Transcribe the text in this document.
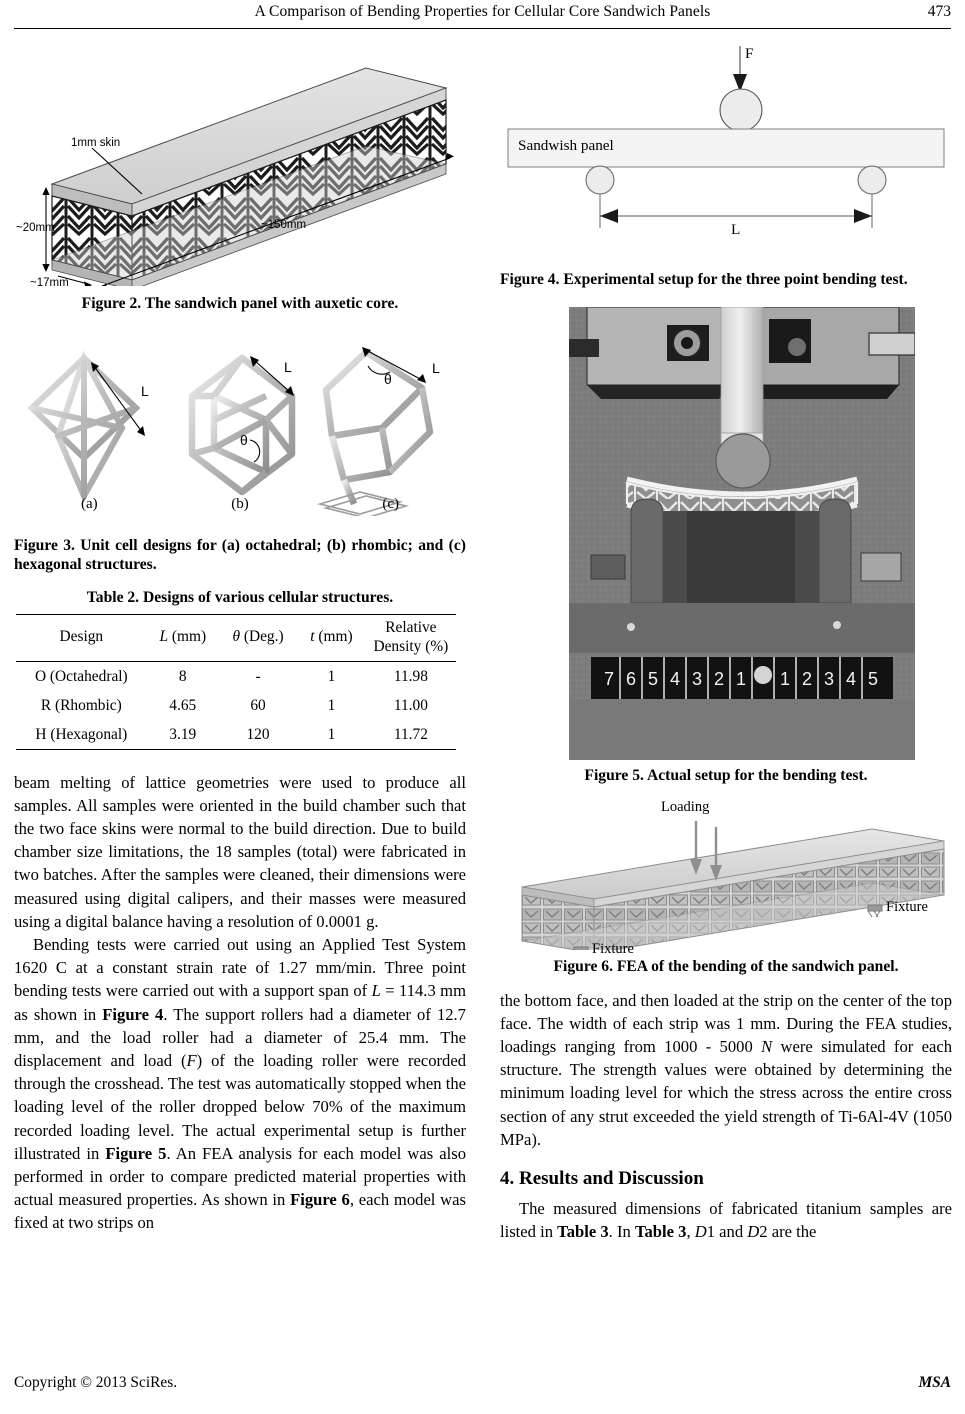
A Comparison of Bending Properties for Cellular Core Sandwich Panels	473
1mm skin
~20mm	~150mm
~17mm
Figure 2. The sandwich panel with auxetic core.
L
L
θ
L
θ
(a)	(b)	(c)
Figure 3. Unit cell designs for (a) octahedral; (b) rhombic; and (c) hexagonal structures.
Table 2. Designs of various cellular structures.
Design	L (mm)	θ (Deg.)	t (mm)	Relative
Density (%)

O (Octahedral)	8	-	1	11.98
R (Rhombic)	4.65	60	1	11.00
H (Hexagonal)	3.19	120	1	11.72

beam melting of lattice geometries were used to produce all samples. All samples were oriented in the build chamber such that the two face skins were normal to the build direction. Due to build chamber size limitations, the 18 samples (total) were fabricated in two batches. After the samples were cleaned, their dimensions were measured using digital calipers, and their masses were measured using a digital balance having a resolution of 0.0001 g.

Bending tests were carried out using an Applied Test System 1620 C at a constant strain rate of 1.27 mm/min. Three point bending tests were carried out with a support span of L = 114.3 mm as shown in Figure 4. The support rollers had a diameter of 12.7 mm, and the load roller had a diameter of 25.4 mm. The displacement and load (F) of the loading roller were recorded through the crosshead. The test was automatically stopped when the loading level of the roller dropped below 70% of the maximum recorded loading level. The actual experimental setup is further illustrated in Figure 5. An FEA analysis for each model was also performed in order to compare predicted material properties with actual measured properties. As shown in Figure 6, each model was fixed at two strips on

F
Sandwish panel
L
Figure 4. Experimental setup for the three point bending test.
7 6 5 4 3 2 1 1 2 3 4 5
Figure 5. Actual setup for the bending test.
Loading
Fixture
Fixture
Figure 6. FEA of the bending of the sandwich panel.

the bottom face, and then loaded at the strip on the center of the top face. The width of each strip was 1 mm. During the FEA studies, loadings ranging from 1000 - 5000 N were simulated for each structure. The strength values were obtained by determining the minimum loading level for which the stress across the entire cross section of any strut exceeded the yield strength of Ti-6Al-4V (1050 MPa).

4. Results and Discussion

The measured dimensions of fabricated titanium samples are listed in Table 3. In Table 3, D1 and D2 are the

Copyright © 2013 SciRes.	MSA
